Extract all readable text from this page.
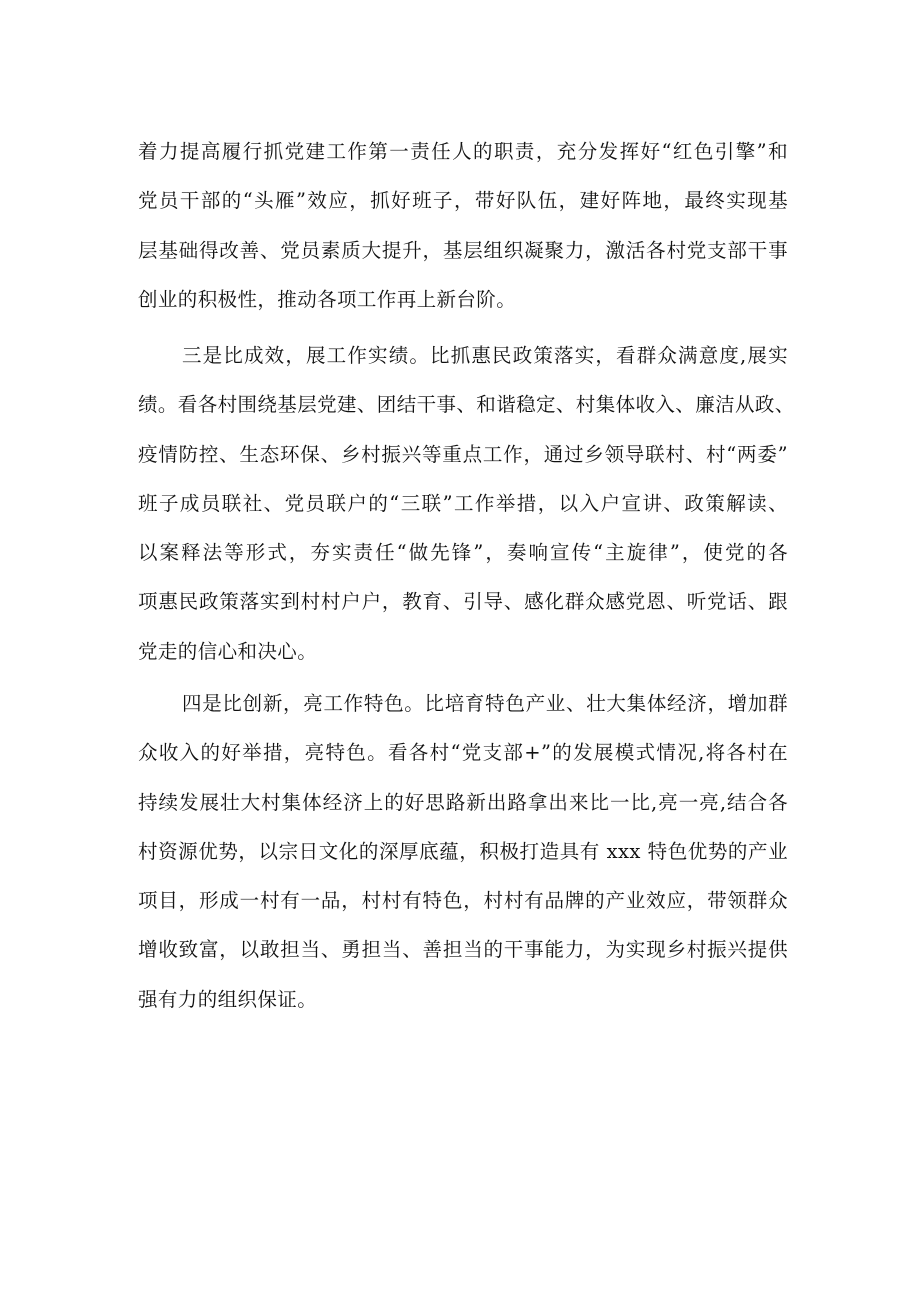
着力提高履行抓党建工作第一责任人的职责，充分发挥好“红色引擎”和
党员干部的“头雁”效应，抓好班子，带好队伍，建好阵地，最终实现基
层基础得改善、党员素质大提升，基层组织凝聚力，激活各村党支部干事
创业的积极性，推动各项工作再上新台阶。
三是比成效，展工作实绩。比抓惠民政策落实，看群众满意度,展实
绩。看各村围绕基层党建、团结干事、和谐稳定、村集体收入、廉洁从政、
疫情防控、生态环保、乡村振兴等重点工作，通过乡领导联村、村“两委”
班子成员联社、党员联户的“三联”工作举措，以入户宣讲、政策解读、
以案释法等形式，夯实责任“做先锋”，奏响宣传“主旋律”，使党的各
项惠民政策落实到村村户户，教育、引导、感化群众感党恩、听党话、跟
党走的信心和决心。
四是比创新，亮工作特色。比培育特色产业、壮大集体经济，增加群
众收入的好举措，亮特色。看各村“党支部+”的发展模式情况,将各村在
持续发展壮大村集体经济上的好思路新出路拿出来比一比,亮一亮,结合各
村资源优势，以宗日文化的深厚底蕴，积极打造具有 xxx 特色优势的产业
项目，形成一村有一品，村村有特色，村村有品牌的产业效应，带领群众
增收致富，以敢担当、勇担当、善担当的干事能力，为实现乡村振兴提供
强有力的组织保证。
